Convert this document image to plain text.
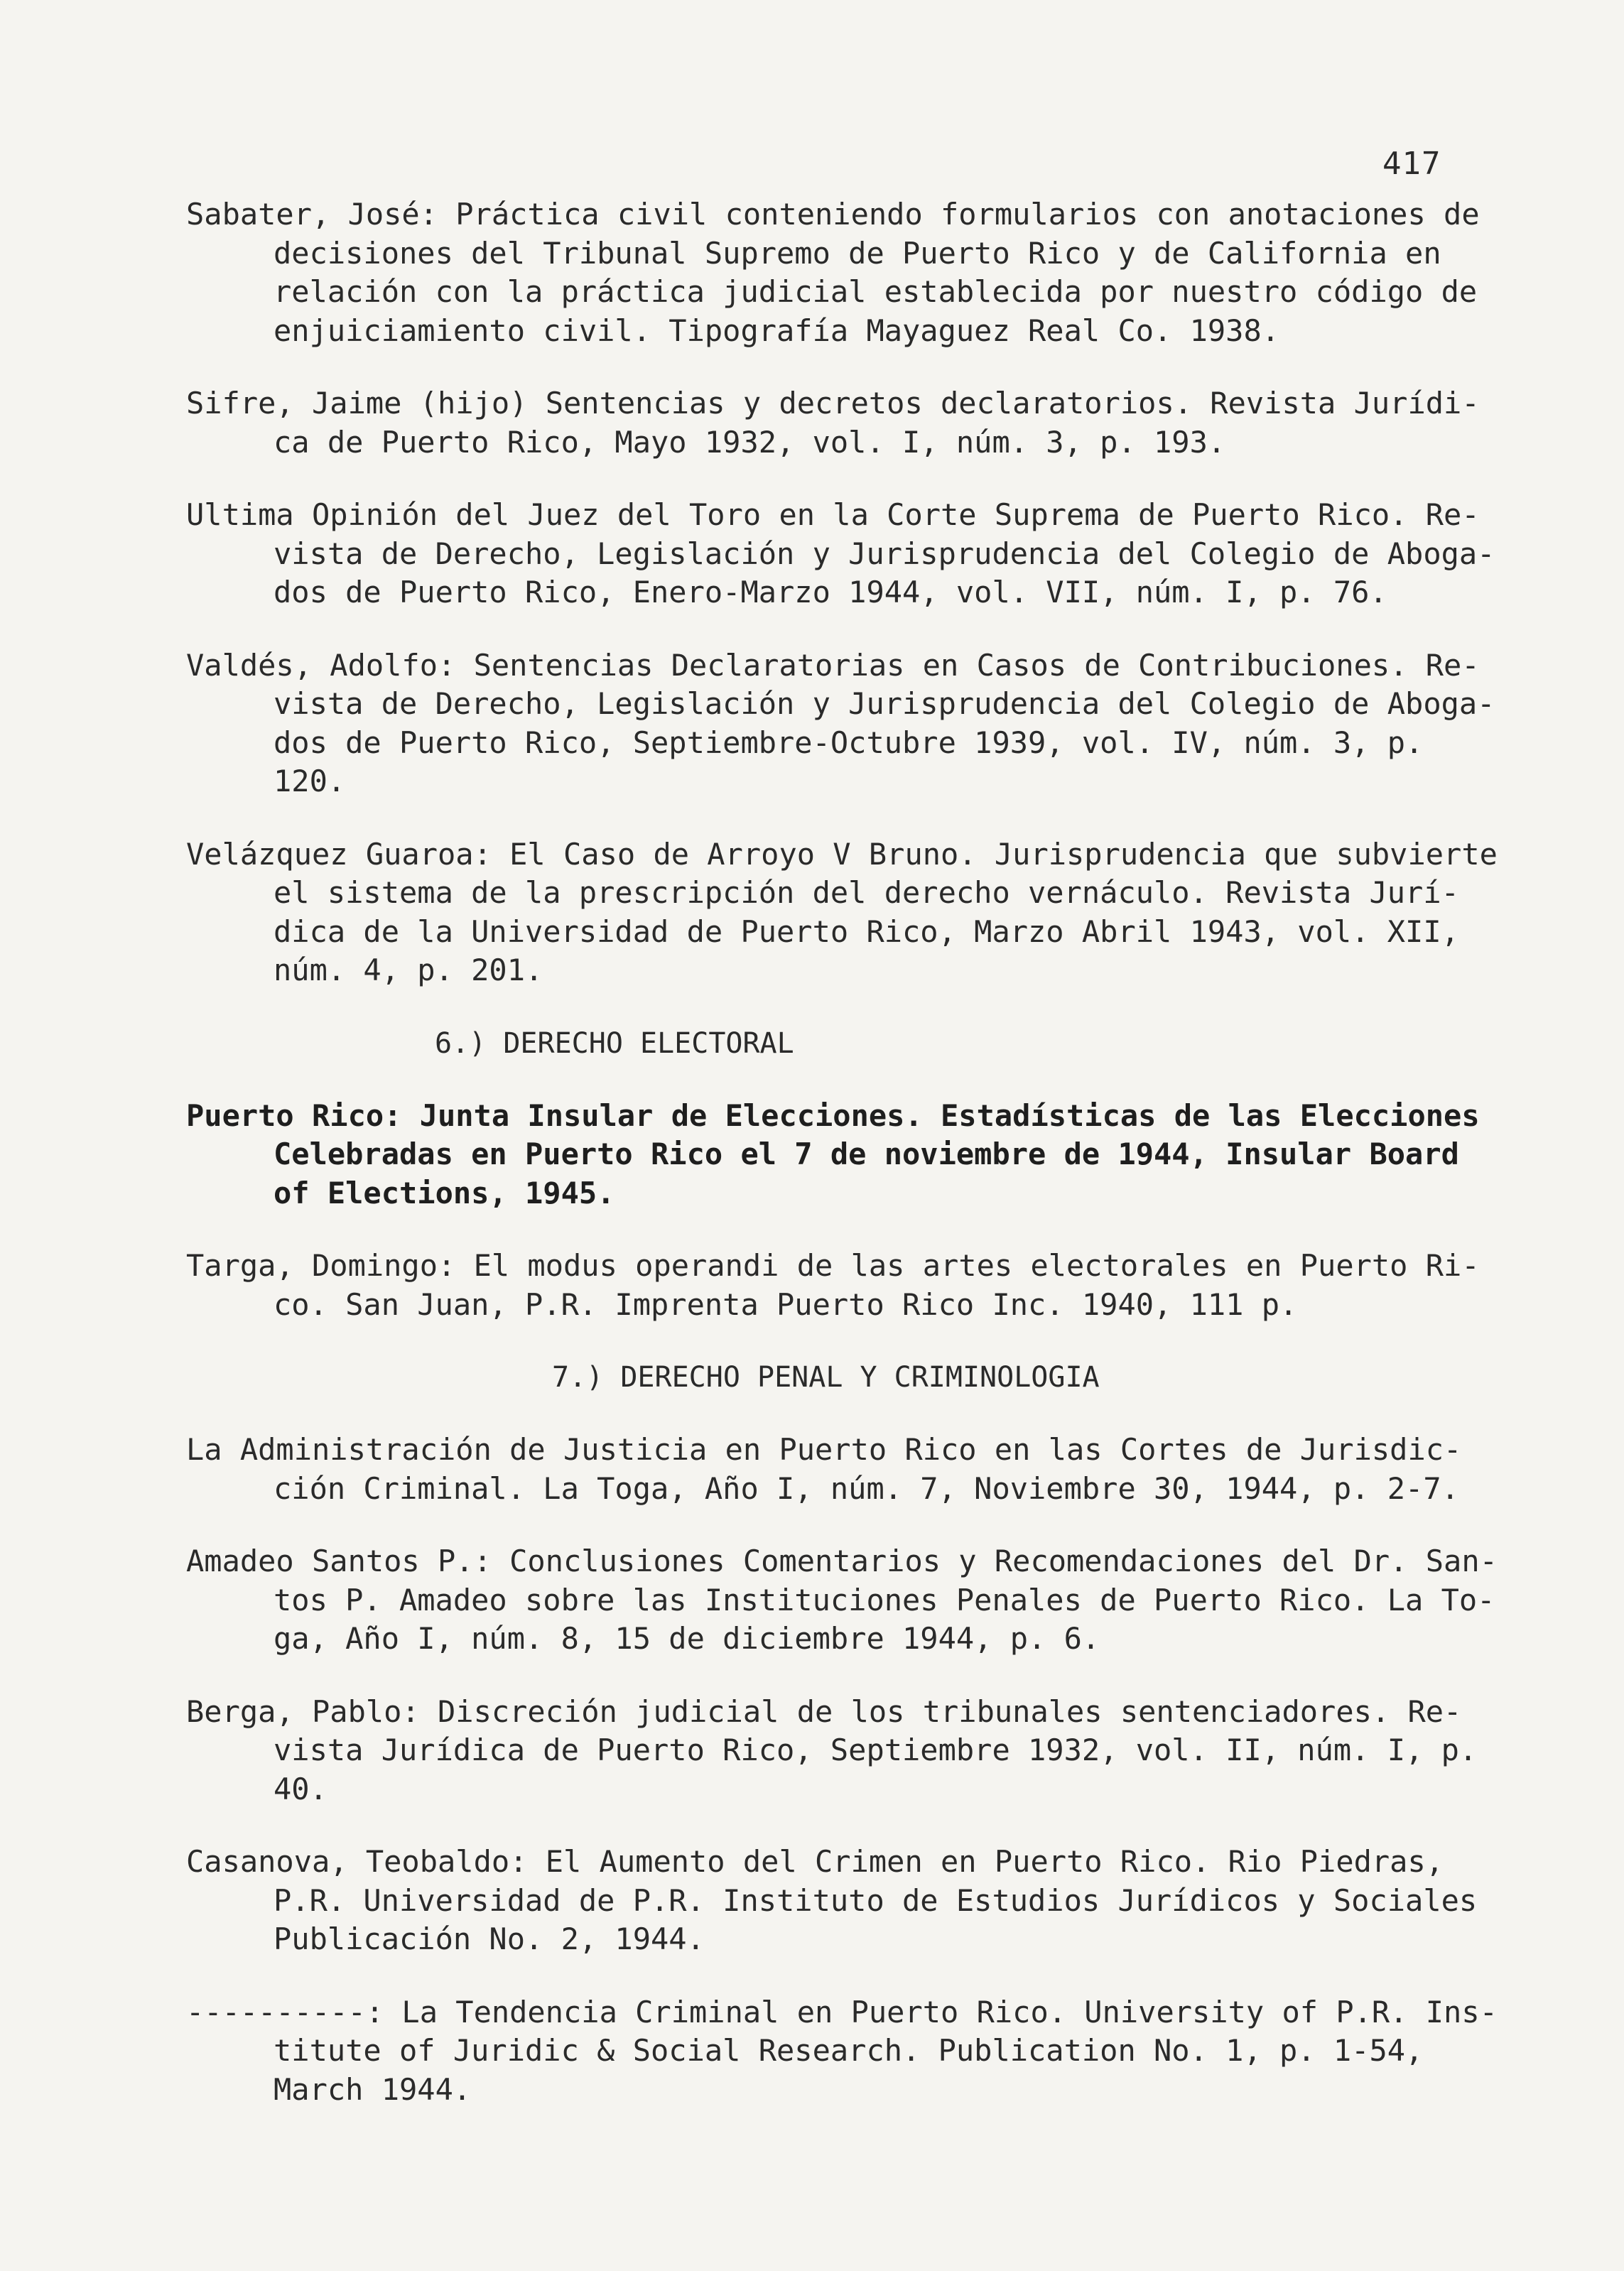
417

Sabater, José: Práctica civil conteniendo formularios con anotaciones de
decisiones del Tribunal Supremo de Puerto Rico y de California en
relación con la práctica judicial establecida por nuestro código de
enjuiciamiento civil. Tipografía Mayaguez Real Co. 1938.

Sifre, Jaime (hijo) Sentencias y decretos declaratorios. Revista Jurídi-
ca de Puerto Rico, Mayo 1932, vol. I, núm. 3, p. 193.

Ultima Opinión del Juez del Toro en la Corte Suprema de Puerto Rico. Re-
vista de Derecho, Legislación y Jurisprudencia del Colegio de Aboga-
dos de Puerto Rico, Enero-Marzo 1944, vol. VII, núm. I, p. 76.

Valdés, Adolfo: Sentencias Declaratorias en Casos de Contribuciones. Re-
vista de Derecho, Legislación y Jurisprudencia del Colegio de Aboga-
dos de Puerto Rico, Septiembre-Octubre 1939, vol. IV, núm. 3, p.
120.

Velázquez Guaroa: El Caso de Arroyo V Bruno. Jurisprudencia que subvierte
el sistema de la prescripción del derecho vernáculo. Revista Jurí-
dica de la Universidad de Puerto Rico, Marzo Abril 1943, vol. XII,
núm. 4, p. 201.

6.) DERECHO ELECTORAL

Puerto Rico: Junta Insular de Elecciones. Estadísticas de las Elecciones
Celebradas en Puerto Rico el 7 de noviembre de 1944, Insular Board
of Elections, 1945.

Targa, Domingo: El modus operandi de las artes electorales en Puerto Ri-
co. San Juan, P.R. Imprenta Puerto Rico Inc. 1940, 111 p.

7.) DERECHO PENAL Y CRIMINOLOGIA

La Administración de Justicia en Puerto Rico en las Cortes de Jurisdic-
ción Criminal. La Toga, Año I, núm. 7, Noviembre 30, 1944, p. 2-7.

Amadeo Santos P.: Conclusiones Comentarios y Recomendaciones del Dr. San-
tos P. Amadeo sobre las Instituciones Penales de Puerto Rico. La To-
ga, Año I, núm. 8, 15 de diciembre 1944, p. 6.

Berga, Pablo: Discreción judicial de los tribunales sentenciadores. Re-
vista Jurídica de Puerto Rico, Septiembre 1932, vol. II, núm. I, p.
40.

Casanova, Teobaldo: El Aumento del Crimen en Puerto Rico. Rio Piedras,
P.R. Universidad de P.R. Instituto de Estudios Jurídicos y Sociales
Publicación No. 2, 1944.

----------: La Tendencia Criminal en Puerto Rico. University of P.R. Ins-
titute of Juridic & Social Research. Publication No. 1, p. 1-54,
March 1944.
